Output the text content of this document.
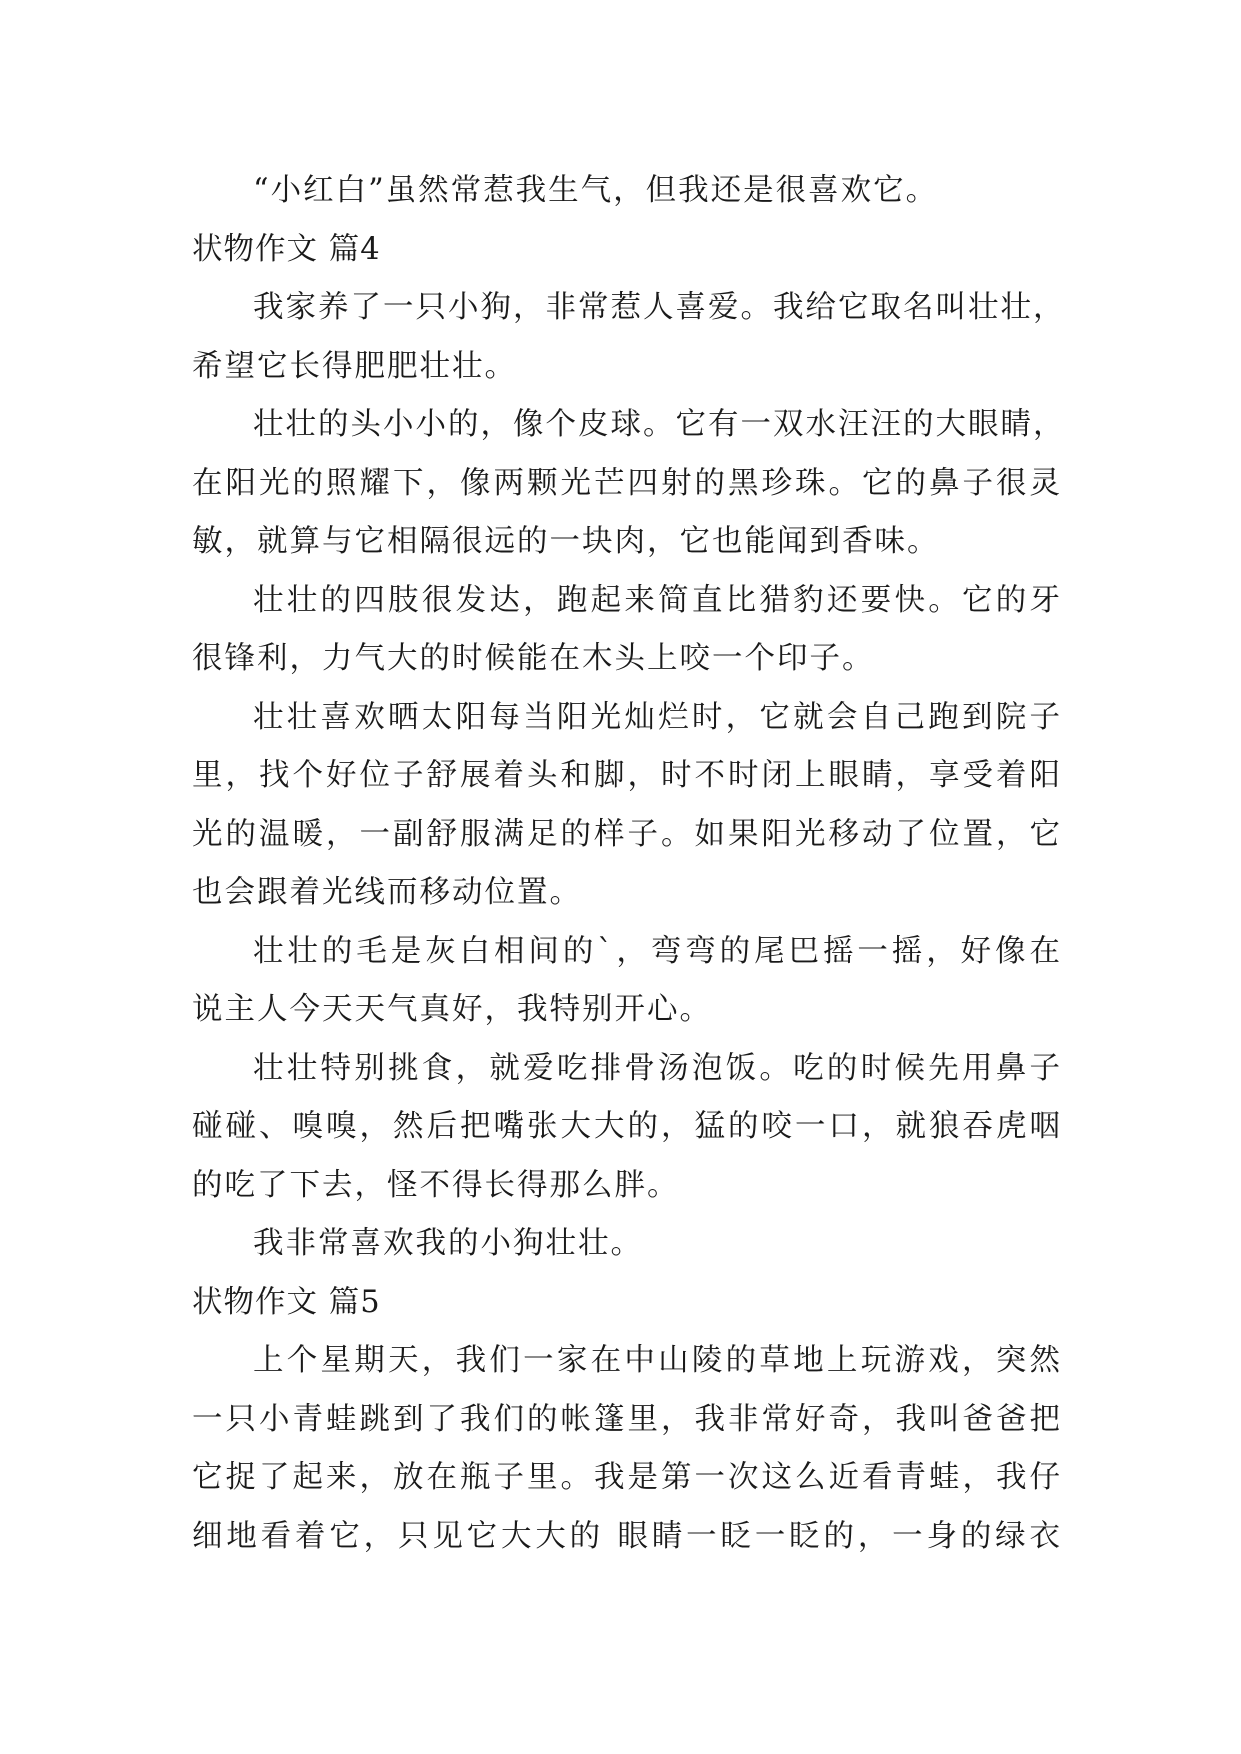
“小红白”虽然常惹我生气，但我还是很喜欢它。
状物作文 篇4
我家养了一只小狗，非常惹人喜爱。我给它取名叫壮壮，
希望它长得肥肥壮壮。
壮壮的头小小的，像个皮球。它有一双水汪汪的大眼睛，
在阳光的照耀下，像两颗光芒四射的黑珍珠。它的鼻子很灵
敏，就算与它相隔很远的一块肉，它也能闻到香味。
壮壮的四肢很发达，跑起来简直比猎豹还要快。它的牙
很锋利，力气大的时候能在木头上咬一个印子。
壮壮喜欢晒太阳每当阳光灿烂时，它就会自己跑到院子
里，找个好位子舒展着头和脚，时不时闭上眼睛，享受着阳
光的温暖，一副舒服满足的样子。如果阳光移动了位置，它
也会跟着光线而移动位置。
壮壮的毛是灰白相间的`，弯弯的尾巴摇一摇，好像在
说主人今天天气真好，我特别开心。
壮壮特别挑食，就爱吃排骨汤泡饭。吃的时候先用鼻子
碰碰、嗅嗅，然后把嘴张大大的，猛的咬一口，就狼吞虎咽
的吃了下去，怪不得长得那么胖。
我非常喜欢我的小狗壮壮。
状物作文 篇5
上个星期天，我们一家在中山陵的草地上玩游戏，突然
一只小青蛙跳到了我们的帐篷里，我非常好奇，我叫爸爸把
它捉了起来，放在瓶子里。我是第一次这么近看青蛙，我仔
细地看着它，只见它大大的 眼睛一眨一眨的，一身的绿衣
